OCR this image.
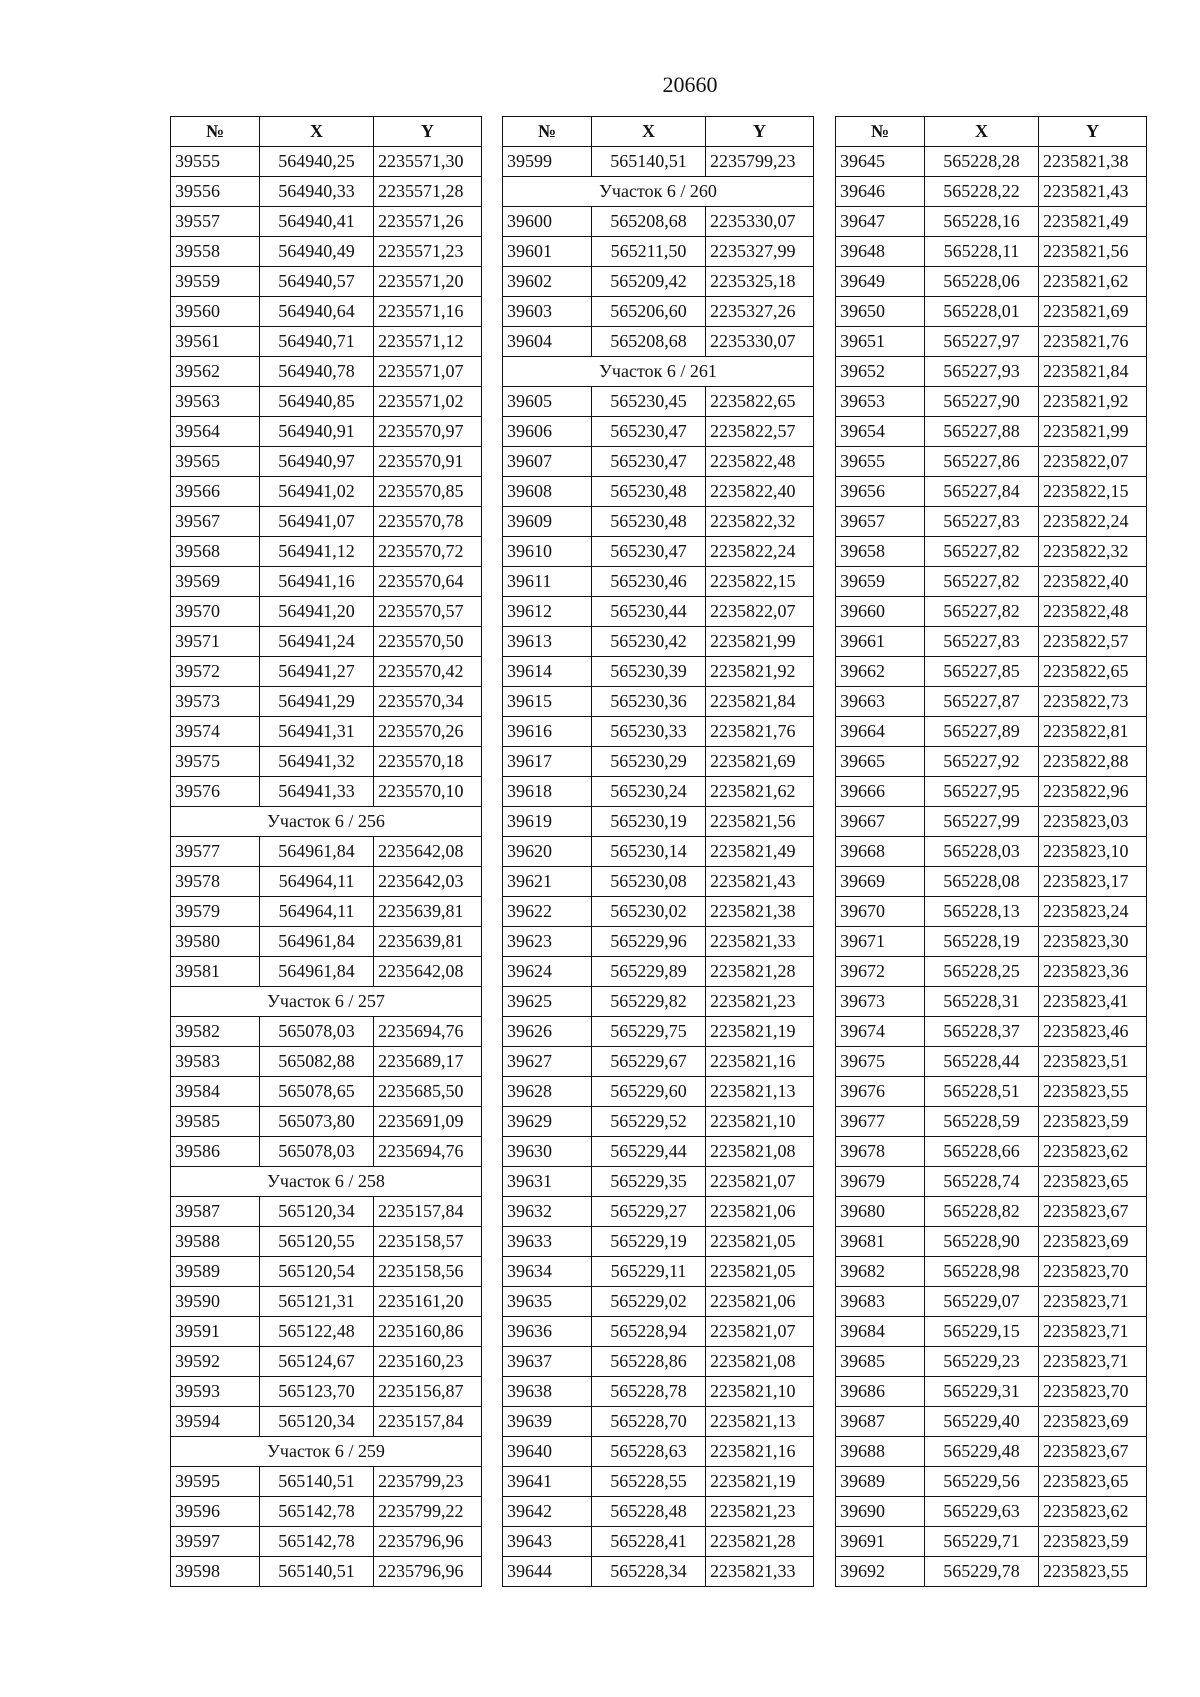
20660
№	X	Y
39555	564940,25	2235571,30
39556	564940,33	2235571,28
39557	564940,41	2235571,26
39558	564940,49	2235571,23
39559	564940,57	2235571,20
39560	564940,64	2235571,16
39561	564940,71	2235571,12
39562	564940,78	2235571,07
39563	564940,85	2235571,02
39564	564940,91	2235570,97
39565	564940,97	2235570,91
39566	564941,02	2235570,85
39567	564941,07	2235570,78
39568	564941,12	2235570,72
39569	564941,16	2235570,64
39570	564941,20	2235570,57
39571	564941,24	2235570,50
39572	564941,27	2235570,42
39573	564941,29	2235570,34
39574	564941,31	2235570,26
39575	564941,32	2235570,18
39576	564941,33	2235570,10
Участок 6 / 256		
39577	564961,84	2235642,08
39578	564964,11	2235642,03
39579	564964,11	2235639,81
39580	564961,84	2235639,81
39581	564961,84	2235642,08
Участок 6 / 257		
39582	565078,03	2235694,76
39583	565082,88	2235689,17
39584	565078,65	2235685,50
39585	565073,80	2235691,09
39586	565078,03	2235694,76
Участок 6 / 258		
39587	565120,34	2235157,84
39588	565120,55	2235158,57
39589	565120,54	2235158,56
39590	565121,31	2235161,20
39591	565122,48	2235160,86
39592	565124,67	2235160,23
39593	565123,70	2235156,87
39594	565120,34	2235157,84
Участок 6 / 259		
39595	565140,51	2235799,23
39596	565142,78	2235799,22
39597	565142,78	2235796,96
39598	565140,51	2235796,96
№	X	Y
39599	565140,51	2235799,23
Участок 6 / 260		
39600	565208,68	2235330,07
39601	565211,50	2235327,99
39602	565209,42	2235325,18
39603	565206,60	2235327,26
39604	565208,68	2235330,07
Участок 6 / 261		
39605	565230,45	2235822,65
39606	565230,47	2235822,57
39607	565230,47	2235822,48
39608	565230,48	2235822,40
39609	565230,48	2235822,32
39610	565230,47	2235822,24
39611	565230,46	2235822,15
39612	565230,44	2235822,07
39613	565230,42	2235821,99
39614	565230,39	2235821,92
39615	565230,36	2235821,84
39616	565230,33	2235821,76
39617	565230,29	2235821,69
39618	565230,24	2235821,62
39619	565230,19	2235821,56
39620	565230,14	2235821,49
39621	565230,08	2235821,43
39622	565230,02	2235821,38
39623	565229,96	2235821,33
39624	565229,89	2235821,28
39625	565229,82	2235821,23
39626	565229,75	2235821,19
39627	565229,67	2235821,16
39628	565229,60	2235821,13
39629	565229,52	2235821,10
39630	565229,44	2235821,08
39631	565229,35	2235821,07
39632	565229,27	2235821,06
39633	565229,19	2235821,05
39634	565229,11	2235821,05
39635	565229,02	2235821,06
39636	565228,94	2235821,07
39637	565228,86	2235821,08
39638	565228,78	2235821,10
39639	565228,70	2235821,13
39640	565228,63	2235821,16
39641	565228,55	2235821,19
39642	565228,48	2235821,23
39643	565228,41	2235821,28
39644	565228,34	2235821,33
№	X	Y
39645	565228,28	2235821,38
39646	565228,22	2235821,43
39647	565228,16	2235821,49
39648	565228,11	2235821,56
39649	565228,06	2235821,62
39650	565228,01	2235821,69
39651	565227,97	2235821,76
39652	565227,93	2235821,84
39653	565227,90	2235821,92
39654	565227,88	2235821,99
39655	565227,86	2235822,07
39656	565227,84	2235822,15
39657	565227,83	2235822,24
39658	565227,82	2235822,32
39659	565227,82	2235822,40
39660	565227,82	2235822,48
39661	565227,83	2235822,57
39662	565227,85	2235822,65
39663	565227,87	2235822,73
39664	565227,89	2235822,81
39665	565227,92	2235822,88
39666	565227,95	2235822,96
39667	565227,99	2235823,03
39668	565228,03	2235823,10
39669	565228,08	2235823,17
39670	565228,13	2235823,24
39671	565228,19	2235823,30
39672	565228,25	2235823,36
39673	565228,31	2235823,41
39674	565228,37	2235823,46
39675	565228,44	2235823,51
39676	565228,51	2235823,55
39677	565228,59	2235823,59
39678	565228,66	2235823,62
39679	565228,74	2235823,65
39680	565228,82	2235823,67
39681	565228,90	2235823,69
39682	565228,98	2235823,70
39683	565229,07	2235823,71
39684	565229,15	2235823,71
39685	565229,23	2235823,71
39686	565229,31	2235823,70
39687	565229,40	2235823,69
39688	565229,48	2235823,67
39689	565229,56	2235823,65
39690	565229,63	2235823,62
39691	565229,71	2235823,59
39692	565229,78	2235823,55
